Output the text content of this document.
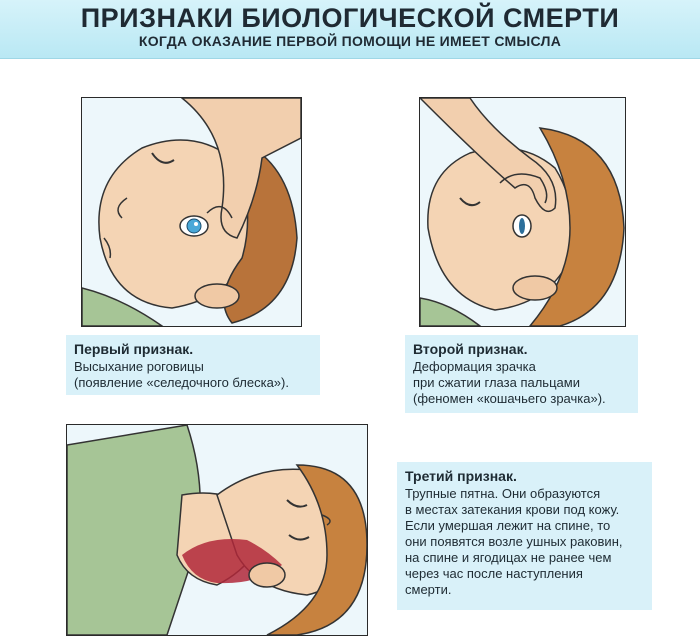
ПРИЗНАКИ БИОЛОГИЧЕСКОЙ СМЕРТИ
КОГДА ОКАЗАНИЕ ПЕРВОЙ ПОМОЩИ НЕ ИМЕЕТ СМЫСЛА
Первый признак.
Высыхание роговицы
(появление «селедочного блеска»).
Второй признак.
Деформация зрачка
при сжатии глаза пальцами
(феномен «кошачьего зрачка»).
Третий признак.
Трупные пятна. Они образуются
в местах затекания крови под кожу.
Если умершая лежит на спине, то
они появятся возле ушных раковин,
на спине и ягодицах не ранее чем
через час после наступления
смерти.
